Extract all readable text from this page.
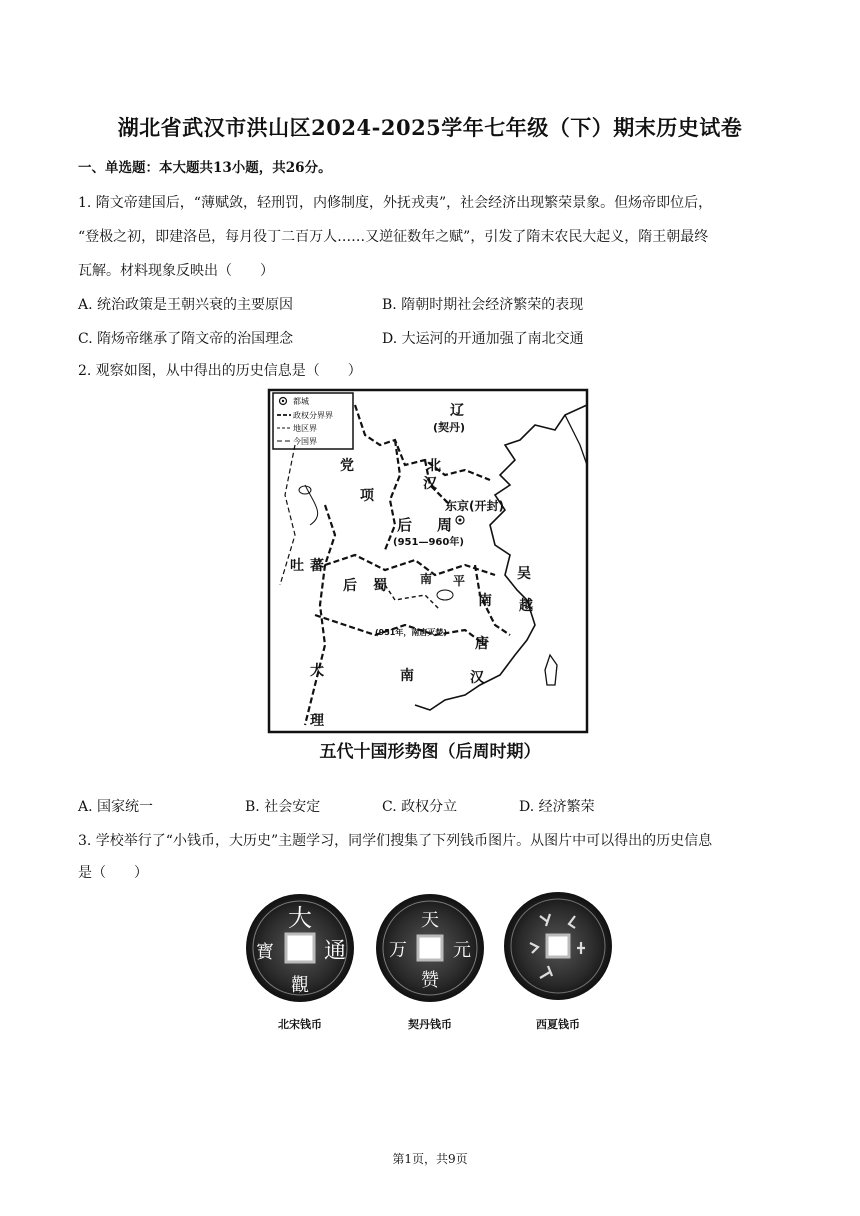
湖北省武汉市洪山区2024-2025学年七年级（下）期末历史试卷
一、单选题：本大题共13小题，共26分。
1. 隋文帝建国后，“薄赋敛，轻刑罚，内修制度，外抚戎夷”，社会经济出现繁荣景象。但炀帝即位后，
“登极之初，即建洛邑，每月役丁二百万人……又逆征数年之赋”，引发了隋末农民大起义，隋王朝最终
瓦解。材料现象反映出（　　）
A. 统治政策是王朝兴衰的主要原因	B. 隋朝时期社会经济繁荣的表现
C. 隋炀帝继承了隋文帝的治国理念	D. 大运河的开通加强了南北交通
2. 观察如图，从中得出的历史信息是（　　）
都城
政权分界界
地区界
今国界
辽
(契丹)
党
项
北
汉
东京(开封)
后 周
(951—960年)
吐 蕃
后 蜀	南 平	吴
越
南
唐
(951年，南唐灭楚)
大
理
南	汉
五代十国形势图（后周时期）
A. 国家统一	B. 社会安定	C. 政权分立	D. 经济繁荣
3. 学校举行了“小钱币，大历史”主题学习，同学们搜集了下列钱币图片。从图片中可以得出的历史信息
是（　　）
大
通
觀
寳
北宋钱币
天
元
赞
万
契丹钱币	西夏钱币
第1页，共9页
